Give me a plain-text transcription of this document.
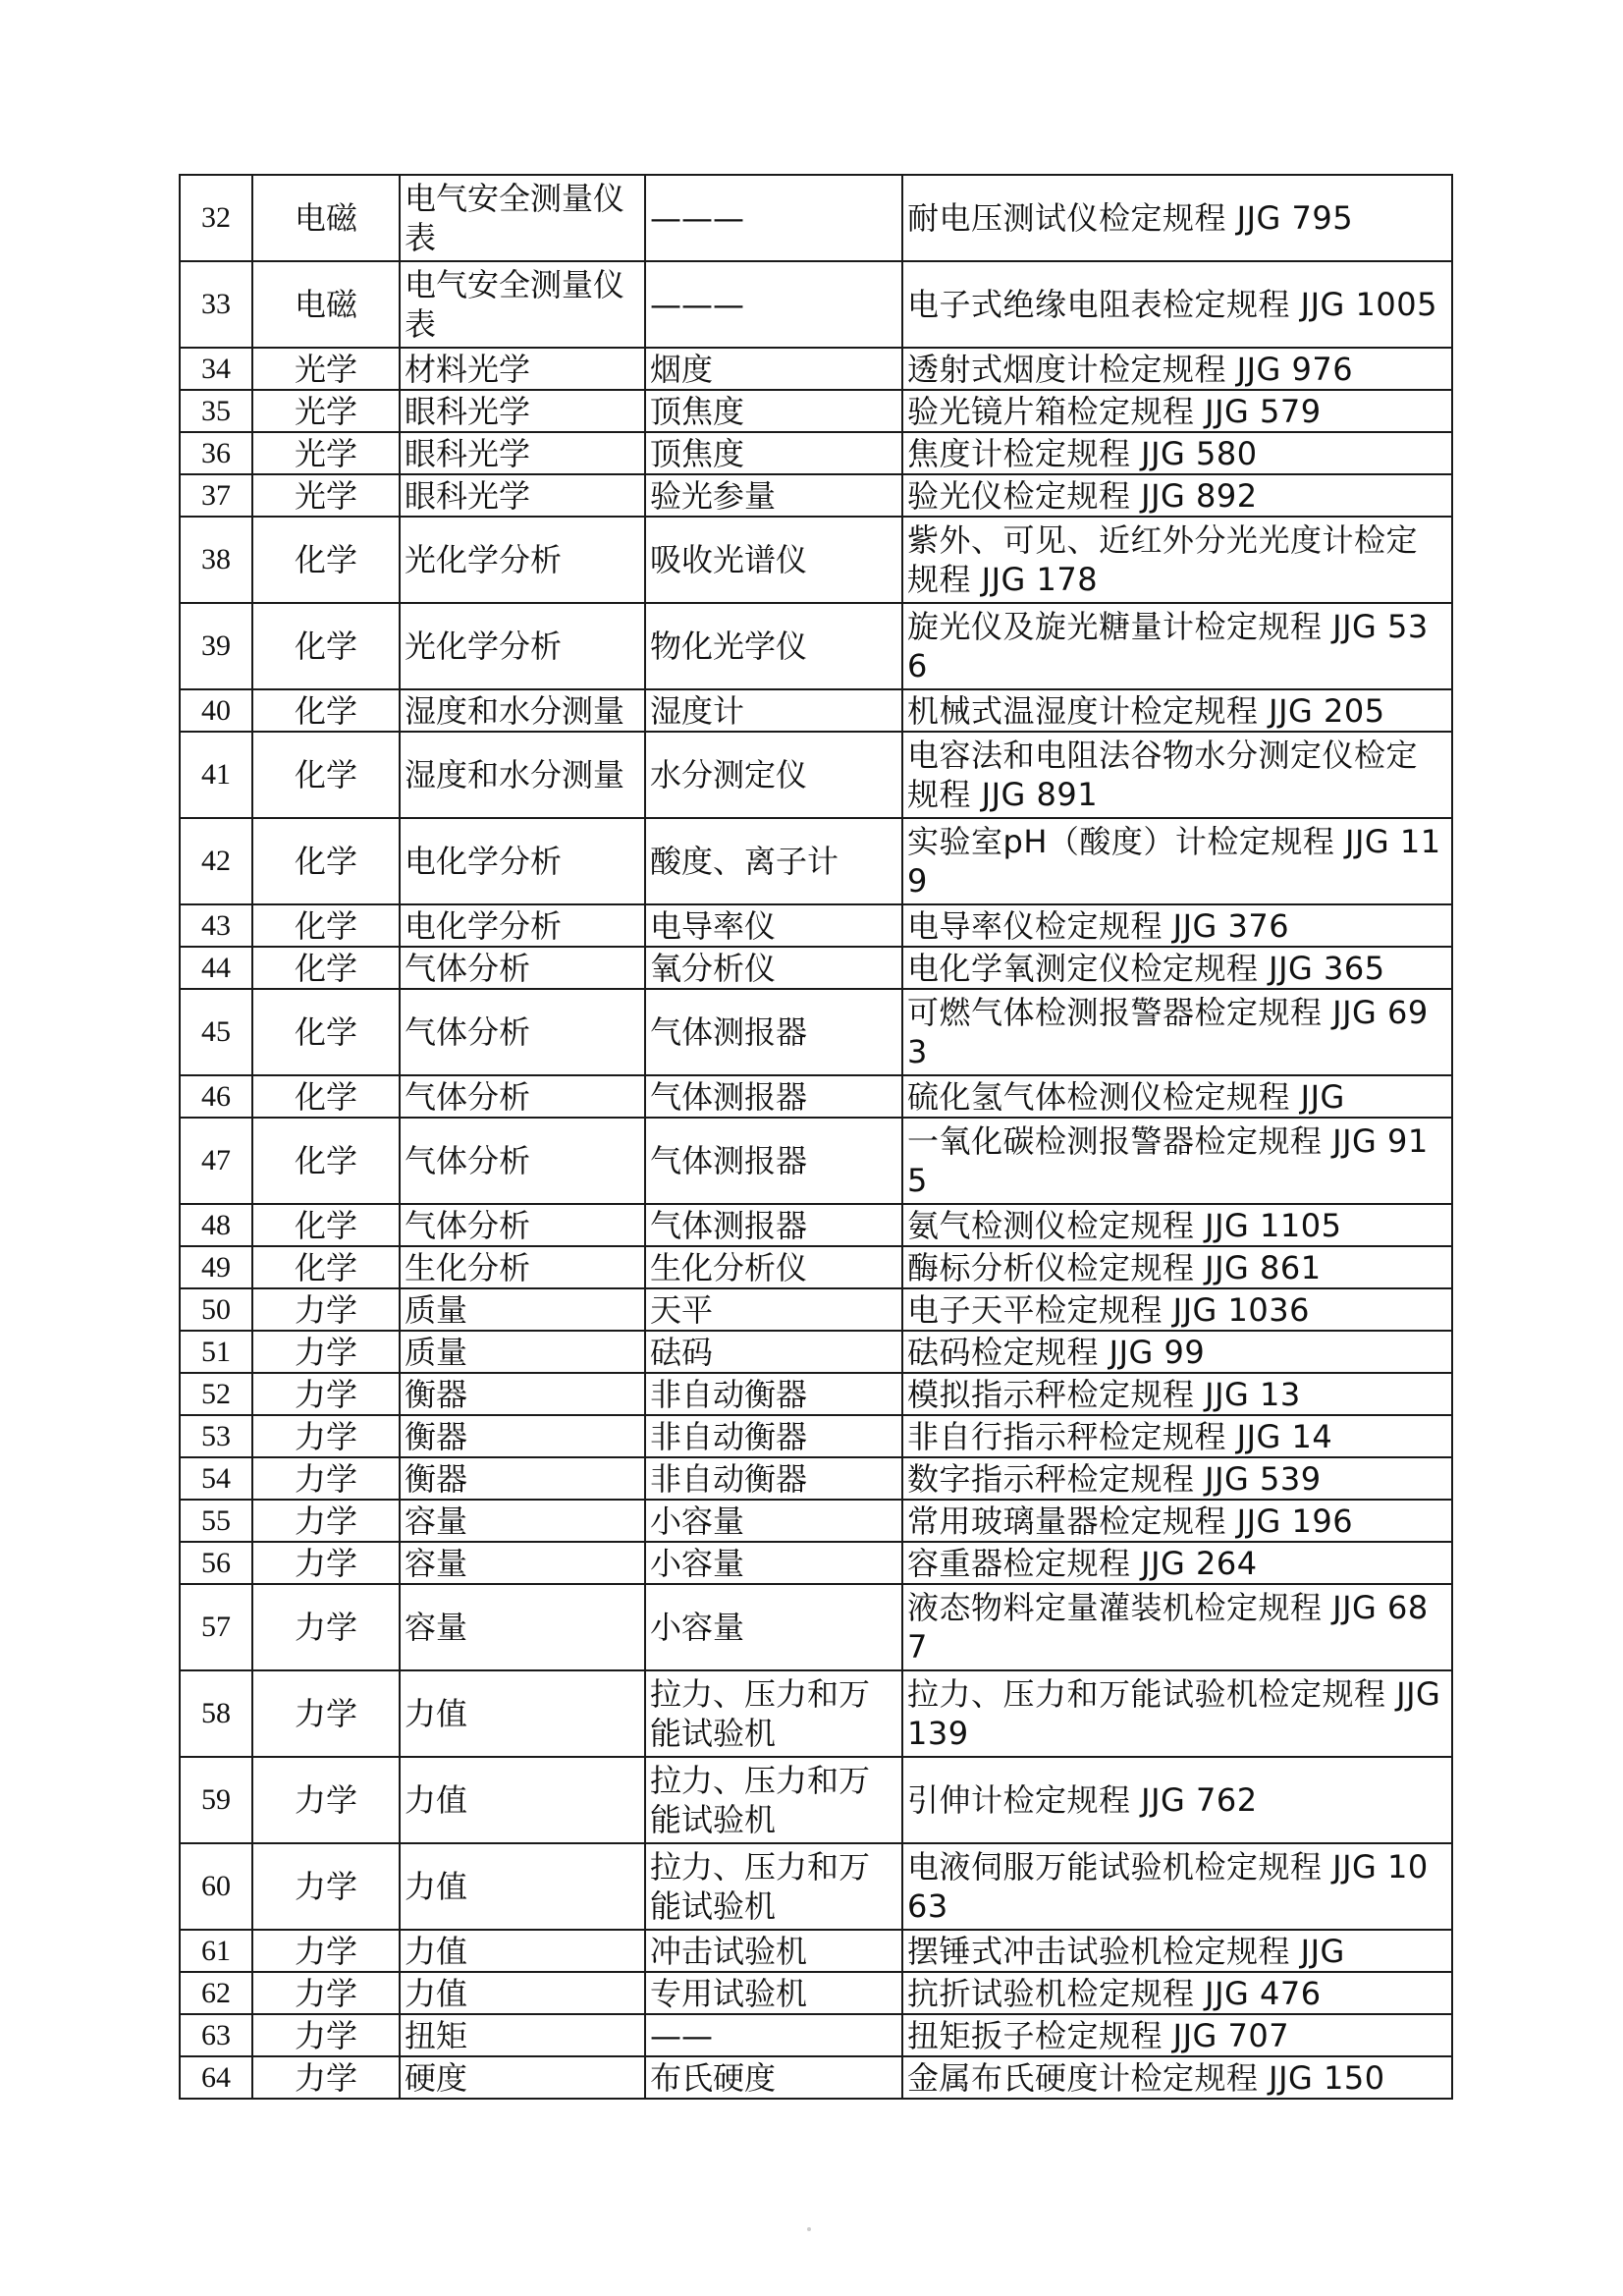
32	电磁	电气安全测量仪表	———	耐电压测试仪检定规程 JJG 795
33	电磁	电气安全测量仪表	———	电子式绝缘电阻表检定规程 JJG 1005
34	光学	材料光学	烟度	透射式烟度计检定规程 JJG 976
35	光学	眼科光学	顶焦度	验光镜片箱检定规程 JJG 579
36	光学	眼科光学	顶焦度	焦度计检定规程 JJG 580
37	光学	眼科光学	验光参量	验光仪检定规程 JJG 892
38	化学	光化学分析	吸收光谱仪	紫外、可见、近红外分光光度计检定 规程 JJG 178
39	化学	光化学分析	物化光学仪	旋光仪及旋光糖量计检定规程 JJG 536
40	化学	湿度和水分测量	湿度计	机械式温湿度计检定规程 JJG 205
41	化学	湿度和水分测量	水分测定仪	电容法和电阻法谷物水分测定仪检定 规程 JJG 891
42	化学	电化学分析	酸度、离子计	实验室pH（酸度）计检定规程 JJG 119
43	化学	电化学分析	电导率仪	电导率仪检定规程 JJG 376
44	化学	气体分析	氧分析仪	电化学氧测定仪检定规程 JJG 365
45	化学	气体分析	气体测报器	可燃气体检测报警器检定规程 JJG 693
46	化学	气体分析	气体测报器	硫化氢气体检测仪检定规程 JJG
47	化学	气体分析	气体测报器	一氧化碳检测报警器检定规程 JJG 915
48	化学	气体分析	气体测报器	氨气检测仪检定规程 JJG 1105
49	化学	生化分析	生化分析仪	酶标分析仪检定规程 JJG 861
50	力学	质量	天平	电子天平检定规程 JJG 1036
51	力学	质量	砝码	砝码检定规程 JJG 99
52	力学	衡器	非自动衡器	模拟指示秤检定规程 JJG 13
53	力学	衡器	非自动衡器	非自行指示秤检定规程 JJG 14
54	力学	衡器	非自动衡器	数字指示秤检定规程 JJG 539
55	力学	容量	小容量	常用玻璃量器检定规程 JJG 196
56	力学	容量	小容量	容重器检定规程 JJG 264
57	力学	容量	小容量	液态物料定量灌装机检定规程 JJG 687
58	力学	力值	拉力、压力和万能试验机	拉力、压力和万能试验机检定规程 JJG 139
59	力学	力值	拉力、压力和万能试验机	引伸计检定规程 JJG 762
60	力学	力值	拉力、压力和万能试验机	电液伺服万能试验机检定规程 JJG 1063
61	力学	力值	冲击试验机	摆锤式冲击试验机检定规程 JJG
62	力学	力值	专用试验机	抗折试验机检定规程 JJG 476
63	力学	扭矩	——	扭矩扳子检定规程 JJG 707
64	力学	硬度	布氏硬度	金属布氏硬度计检定规程 JJG 150
